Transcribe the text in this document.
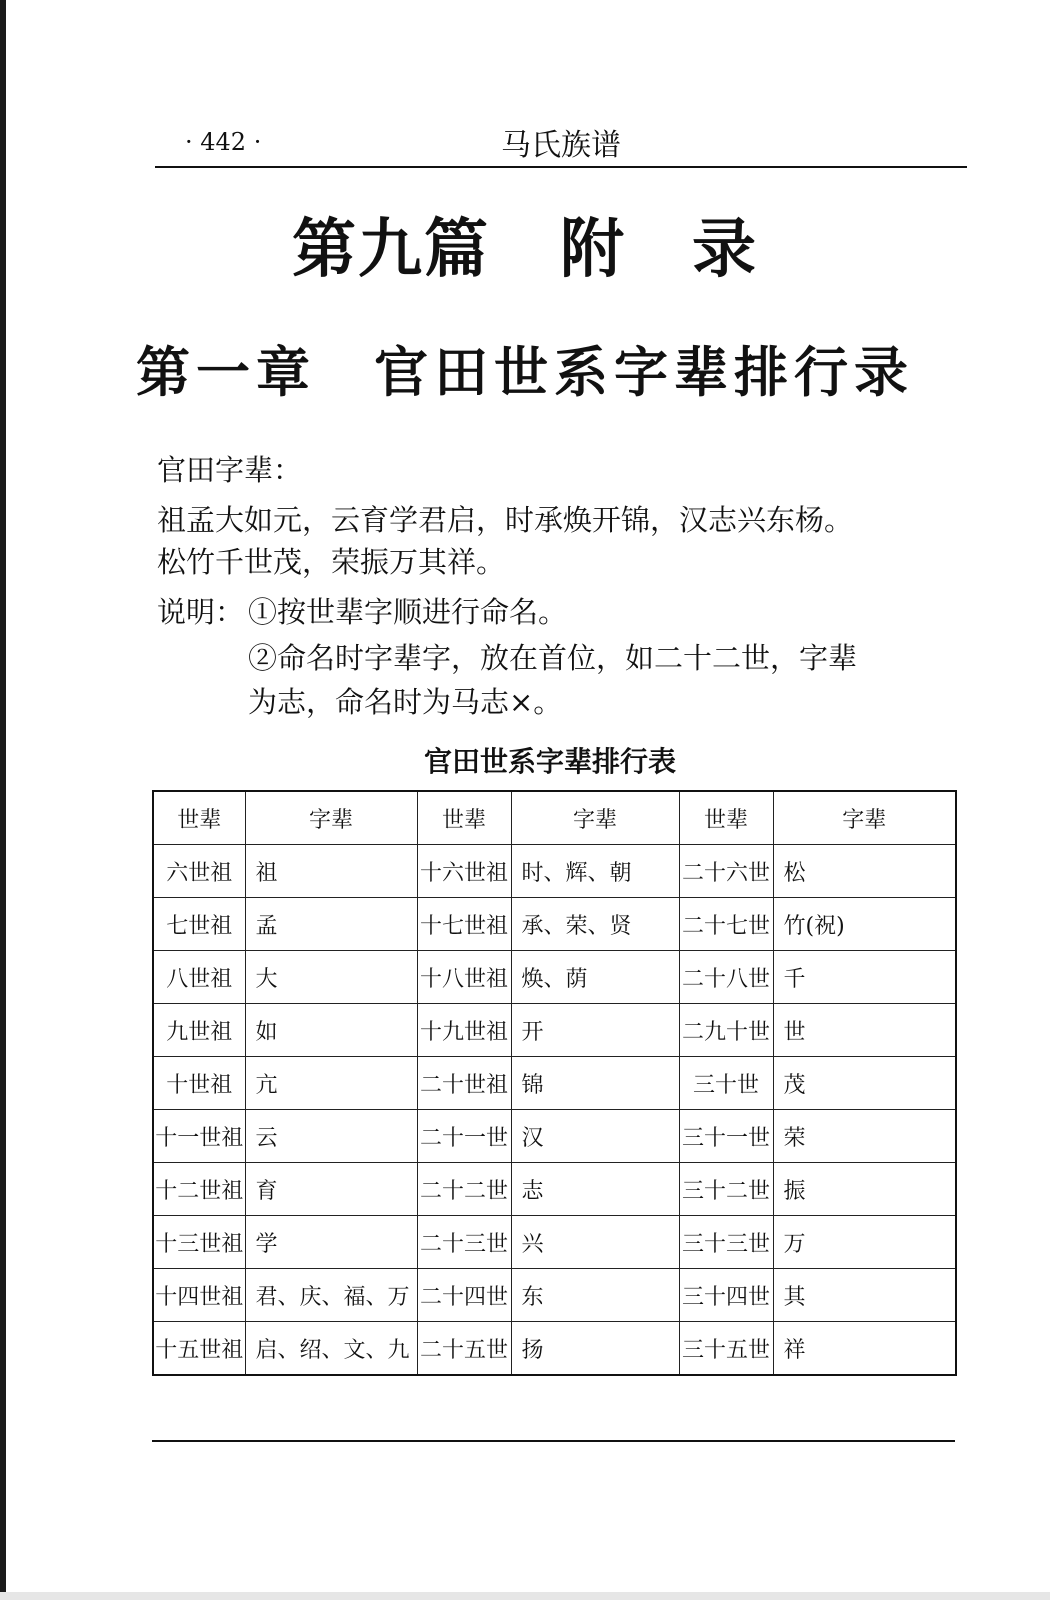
· 442 ·	马氏族谱
第九篇 附　录
第一章 官田世系字辈排行录
官田字辈：
祖孟大如元，云育学君启，时承焕开锦，汉志兴东杨。
松竹千世茂，荣振万其祥。
说明： ①按世辈字顺进行命名。
②命名时字辈字，放在首位，如二十二世，字辈
为志，命名时为马志×。
官田世系字辈排行表
世辈	字辈	世辈	字辈	世辈	字辈
六世祖	祖	十六世祖	时、辉、朝	二十六世	松
七世祖	孟	十七世祖	承、荣、贤	二十七世	竹(祝)
八世祖	大	十八世祖	焕、荫	二十八世	千
九世祖	如	十九世祖	开	二九十世	世
十世祖	亢	二十世祖	锦	三十世	茂
十一世祖	云	二十一世	汉	三十一世	荣
十二世祖	育	二十二世	志	三十二世	振
十三世祖	学	二十三世	兴	三十三世	万
十四世祖	君、庆、福、万	二十四世	东	三十四世	其
十五世祖	启、绍、文、九	二十五世	扬	三十五世	祥
